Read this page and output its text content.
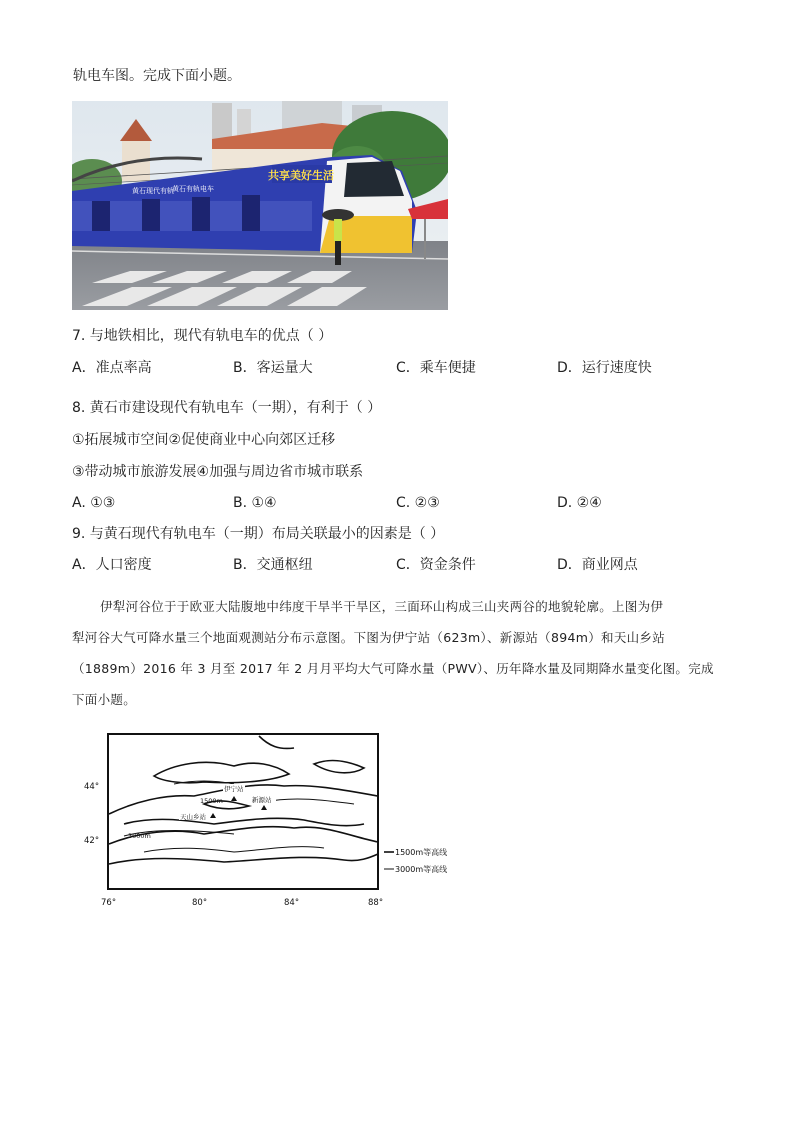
轨电车图。完成下面小题。
共享美好生活
黄石现代有轨
黄石有轨电车
7. 与地铁相比，现代有轨电车的优点（ ）
A．准点率高	B．客运量大	C．乘车便捷	D．运行速度快
8. 黄石市建设现代有轨电车（一期），有利于（ ）
①拓展城市空间②促使商业中心向郊区迁移
③带动城市旅游发展④加强与周边省市城市联系
A. ①③	B. ①④	C. ②③	D. ②④
9. 与黄石现代有轨电车（一期）布局关联最小的因素是（ ）
A．人口密度	B．交通枢纽	C．资金条件	D．商业网点
伊犁河谷位于于欧亚大陆腹地中纬度干旱半干旱区，三面环山构成三山夹两谷的地貌轮廓。上图为伊
犁河谷大气可降水量三个地面观测站分布示意图。下图为伊宁站（623m）、新源站（894m）和天山乡站
（1889m）2016 年 3 月至 2017 年 2 月月平均大气可降水量（PWV）、历年降水量及同期降水量变化图。完成
下面小题。
1500m
3000m
伊宁站
新源站
天山乡站
44°
42°
76°	80°	84°	88°
1500m等高线
3000m等高线
